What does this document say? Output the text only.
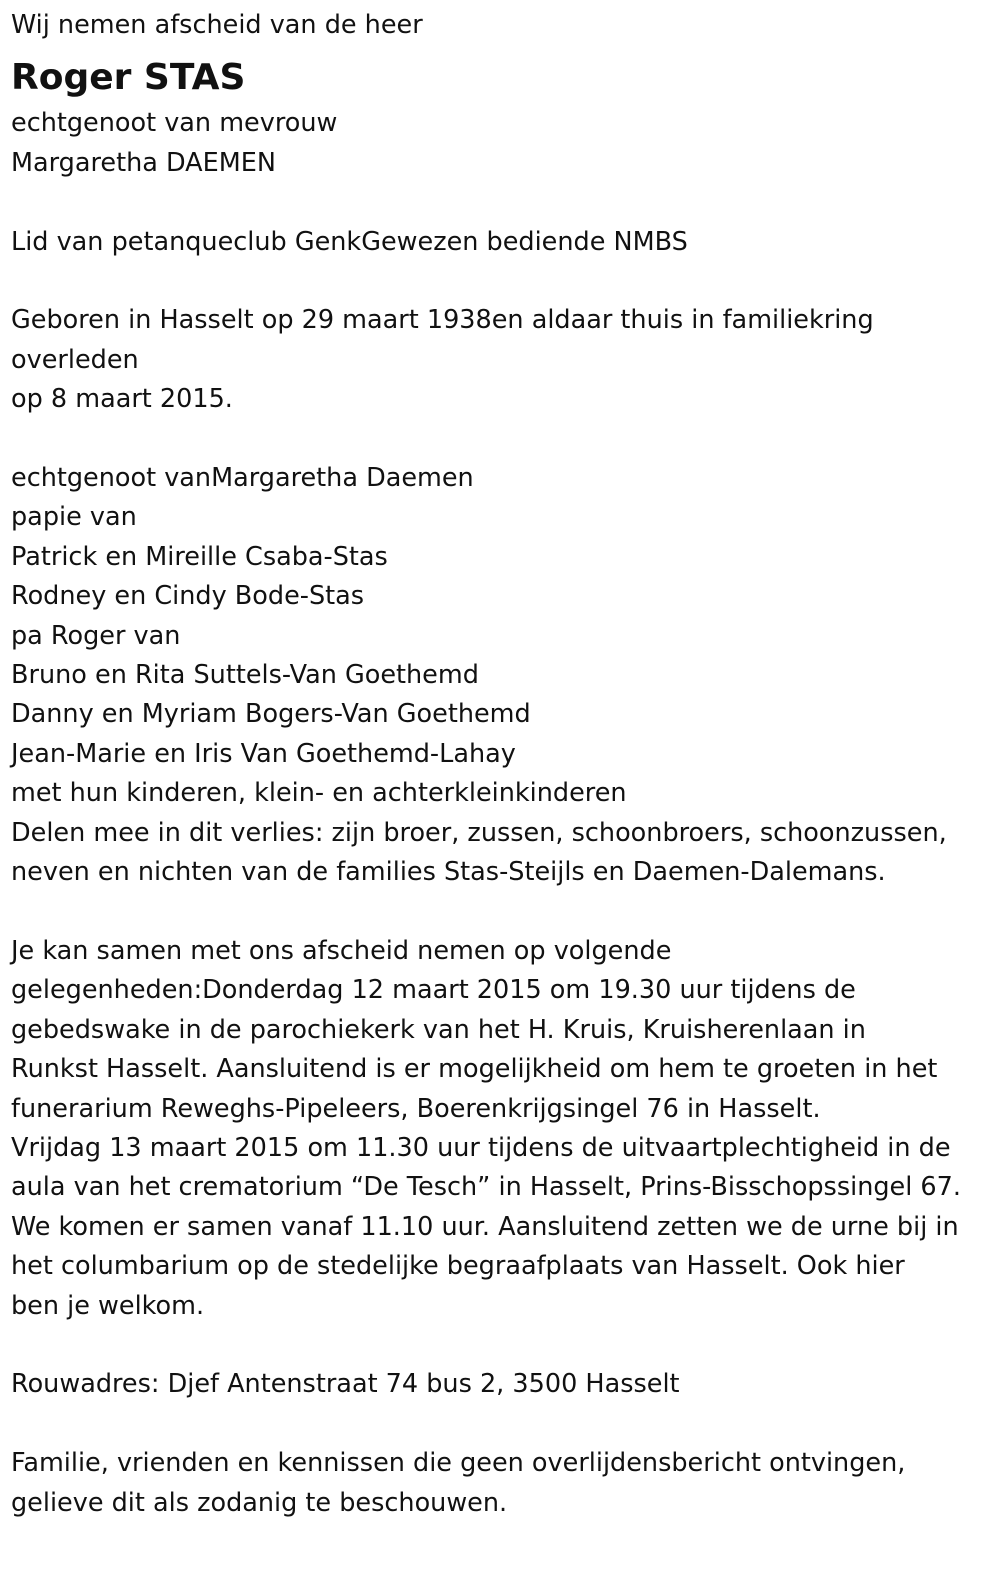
Wij nemen afscheid van de heer

Roger STAS

echtgenoot van mevrouw

Margaretha DAEMEN

Lid van petanqueclub GenkGewezen bediende NMBS

Geboren in Hasselt op 29 maart 1938en aldaar thuis in familiekring

overleden

op 8 maart 2015.

echtgenoot vanMargaretha Daemen

papie van

Patrick en Mireille Csaba-Stas

Rodney en Cindy Bode-Stas

pa Roger van

Bruno en Rita Suttels-Van Goethemd

Danny en Myriam Bogers-Van Goethemd

Jean-Marie en Iris Van Goethemd-Lahay

met hun kinderen, klein- en achterkleinkinderen

Delen mee in dit verlies: zijn broer, zussen, schoonbroers, schoonzussen,

neven en nichten van de families Stas-Steijls en Daemen-Dalemans.

Je kan samen met ons afscheid nemen op volgende

gelegenheden:Donderdag 12 maart 2015 om 19.30 uur tijdens de

gebedswake in de parochiekerk van het H. Kruis, Kruisherenlaan in

Runkst Hasselt. Aansluitend is er mogelijkheid om hem te groeten in het

funerarium Reweghs-Pipeleers, Boerenkrijgsingel 76 in Hasselt.

Vrijdag 13 maart 2015 om 11.30 uur tijdens de uitvaartplechtigheid in de

aula van het crematorium “De Tesch” in Hasselt, Prins-Bisschopssingel 67.

We komen er samen vanaf 11.10 uur. Aansluitend zetten we de urne bij in

het columbarium op de stedelijke begraafplaats van Hasselt. Ook hier

ben je welkom.

Rouwadres: Djef Antenstraat 74 bus 2, 3500 Hasselt

Familie, vrienden en kennissen die geen overlijdensbericht ontvingen,

gelieve dit als zodanig te beschouwen.
